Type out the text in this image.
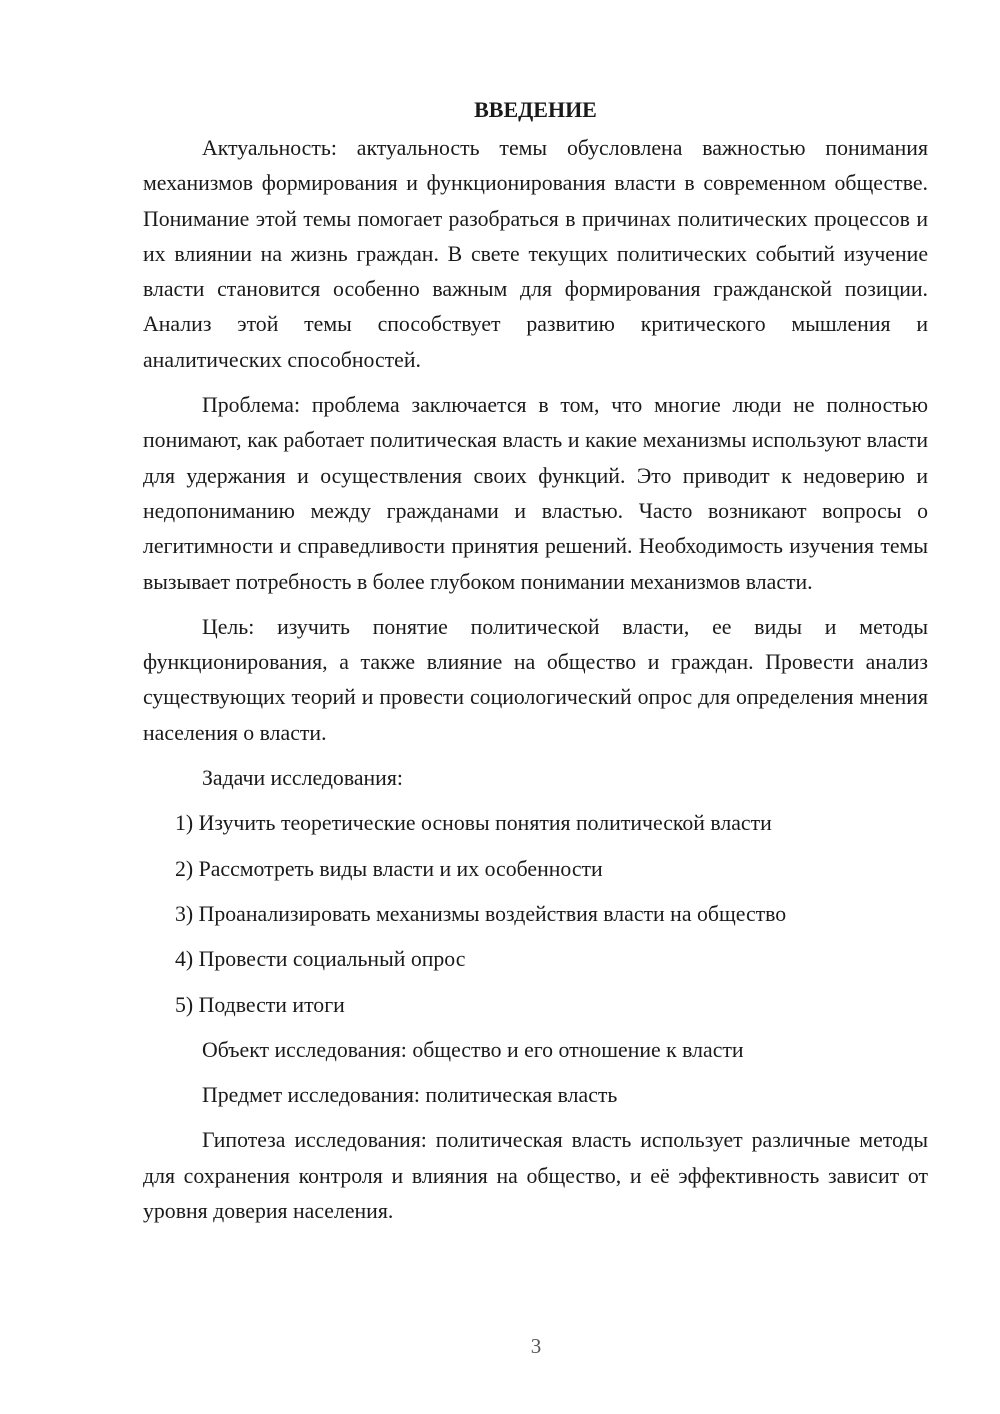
ВВЕДЕНИЕ

Актуальность: актуальность темы обусловлена важностью понимания механизмов формирования и функционирования власти в современном обществе. Понимание этой темы помогает разобраться в причинах политических процессов и их влиянии на жизнь граждан. В свете текущих политических событий изучение власти становится особенно важным для формирования гражданской позиции. Анализ этой темы способствует развитию критического мышления и аналитических способностей.

Проблема: проблема заключается в том, что многие люди не полностью понимают, как работает политическая власть и какие механизмы используют власти для удержания и осуществления своих функций. Это приводит к недоверию и недопониманию между гражданами и властью. Часто возникают вопросы о легитимности и справедливости принятия решений. Необходимость изучения темы вызывает потребность в более глубоком понимании механизмов власти.

Цель: изучить понятие политической власти, ее виды и методы функционирования, а также влияние на общество и граждан. Провести анализ существующих теорий и провести социологический опрос для определения мнения населения о власти.

Задачи исследования:

1) Изучить теоретические основы понятия политической власти
2) Рассмотреть виды власти и их особенности
3) Проанализировать механизмы воздействия власти на общество
4) Провести социальный опрос
5) Подвести итоги

Объект исследования: общество и его отношение к власти

Предмет исследования: политическая власть

Гипотеза исследования: политическая власть использует различные методы для сохранения контроля и влияния на общество, и её эффективность зависит от уровня доверия населения.

3
